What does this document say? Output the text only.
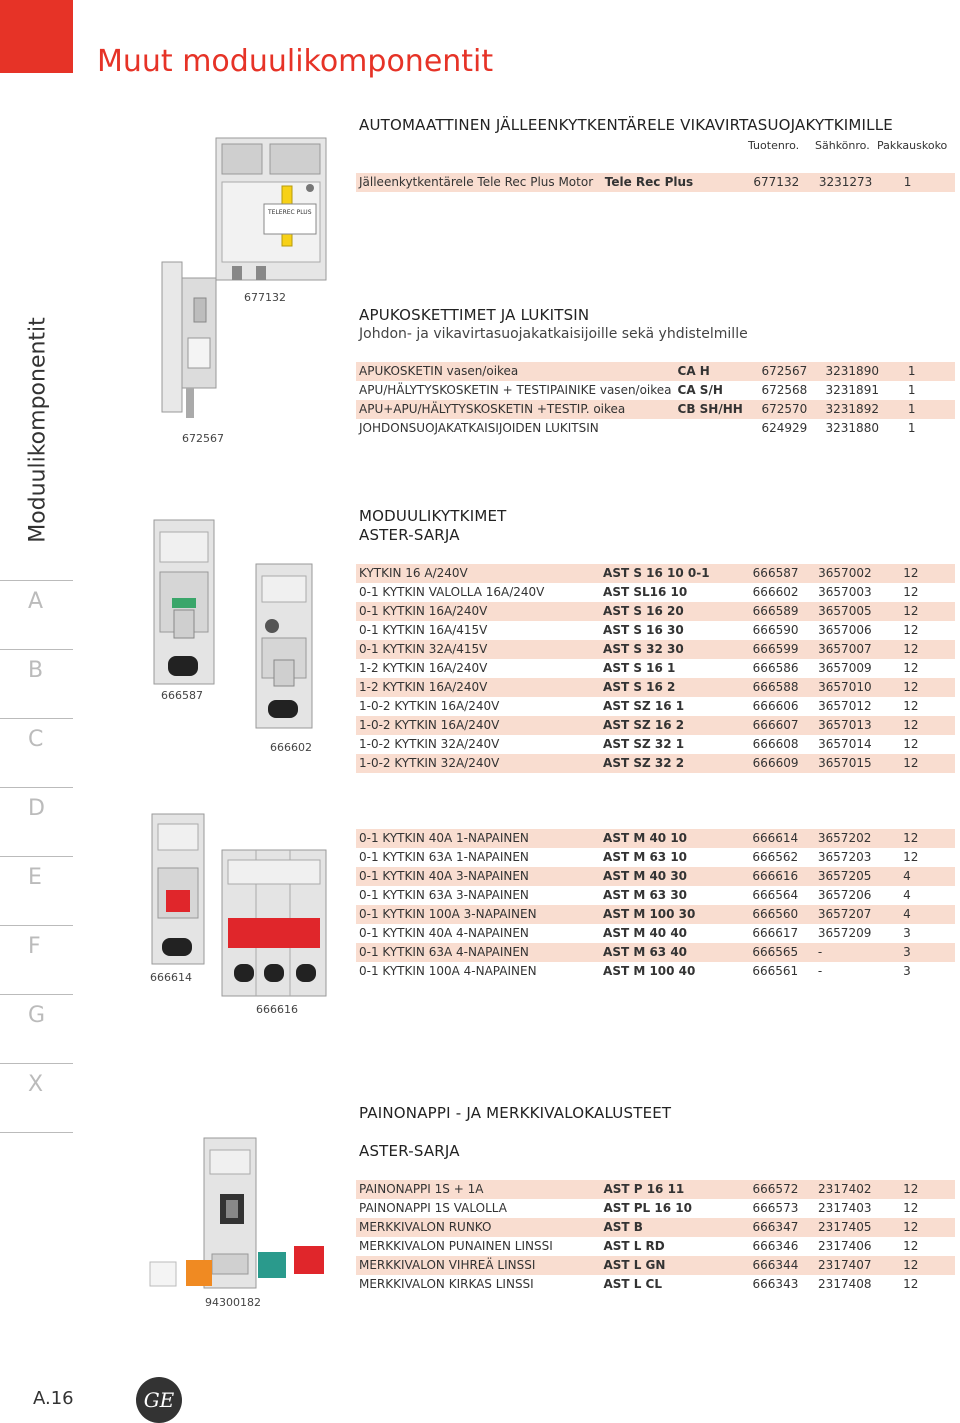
Muut moduulikomponentit
Moduulikomponentit
A
B
C
D
E
F
G
X
AUTOMAATTINEN JÄLLEENKYTKENTÄRELE VIKAVIRTASUOJAKYTKIMILLE
Tuotenro. Sähkönro. Pakkauskoko
Jälleenkytkentärele Tele Rec Plus Motor	Tele Rec Plus	677132	3231273	1
TELEREC PLUS
677132
APUKOSKETTIMET JA LUKITSIN
Johdon- ja vikavirtasuojakatkaisijoille sekä yhdistelmille
APUKOSKETIN vasen/oikea	CA H	672567	3231890	1
APU/HÄLYTYSKOSKETIN + TESTIPAINIKE vasen/oikea	CA S/H	672568	3231891	1
APU+APU/HÄLYTYSKOSKETIN +TESTIP. oikea	CB SH/HH	672570	3231892	1
JOHDONSUOJAKATKAISIJOIDEN LUKITSIN		624929	3231880	1
672567
MODUULIKYTKIMET
ASTER-SARJA
KYTKIN 16 A/240V	AST S 16 10 0-1	666587	3657002	12
0-1 KYTKIN VALOLLA 16A/240V	AST SL16 10	666602	3657003	12
0-1 KYTKIN 16A/240V	AST S 16 20	666589	3657005	12
0-1 KYTKIN 16A/415V	AST S 16 30	666590	3657006	12
0-1 KYTKIN 32A/415V	AST S 32 30	666599	3657007	12
1-2 KYTKIN 16A/240V	AST S 16 1	666586	3657009	12
1-2 KYTKIN 16A/240V	AST S 16 2	666588	3657010	12
1-0-2 KYTKIN 16A/240V	AST SZ 16 1	666606	3657012	12
1-0-2 KYTKIN 16A/240V	AST SZ 16 2	666607	3657013	12
1-0-2 KYTKIN 32A/240V	AST SZ 32 1	666608	3657014	12
1-0-2 KYTKIN 32A/240V	AST SZ 32 2	666609	3657015	12
0-1 KYTKIN 40A 1-NAPAINEN	AST M 40 10	666614	3657202	12
0-1 KYTKIN 63A 1-NAPAINEN	AST M 63 10	666562	3657203	12
0-1 KYTKIN 40A 3-NAPAINEN	AST M 40 30	666616	3657205	4
0-1 KYTKIN 63A 3-NAPAINEN	AST M 63 30	666564	3657206	4
0-1 KYTKIN 100A 3-NAPAINEN	AST M 100 30	666560	3657207	4
0-1 KYTKIN 40A 4-NAPAINEN	AST M 40 40	666617	3657209	3
0-1 KYTKIN 63A 4-NAPAINEN	AST M 63 40	666565	-	3
0-1 KYTKIN 100A 4-NAPAINEN	AST M 100 40	666561	-	3
666587
666602
666614
666616
PAINONAPPI - JA MERKKIVALOKALUSTEET
ASTER-SARJA
PAINONAPPI 1S + 1A	AST P 16 11	666572	2317402	12
PAINONAPPI 1S VALOLLA	AST PL 16 10	666573	2317403	12
MERKKIVALON RUNKO	AST B	666347	2317405	12
MERKKIVALON PUNAINEN LINSSI	AST L RD	666346	2317406	12
MERKKIVALON VIHREÄ LINSSI	AST L GN	666344	2317407	12
MERKKIVALON KIRKAS LINSSI	AST L CL	666343	2317408	12
94300182
A.16	GE
